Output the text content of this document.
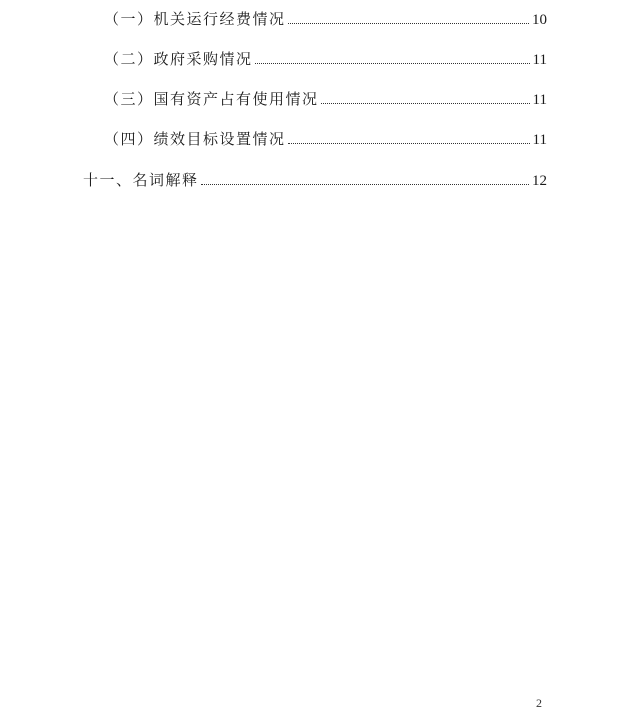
（一）机关运行经费情况	10
（二）政府采购情况	11
（三）国有资产占有使用情况	11
（四）绩效目标设置情况	11
十一、名词解释	12
2
